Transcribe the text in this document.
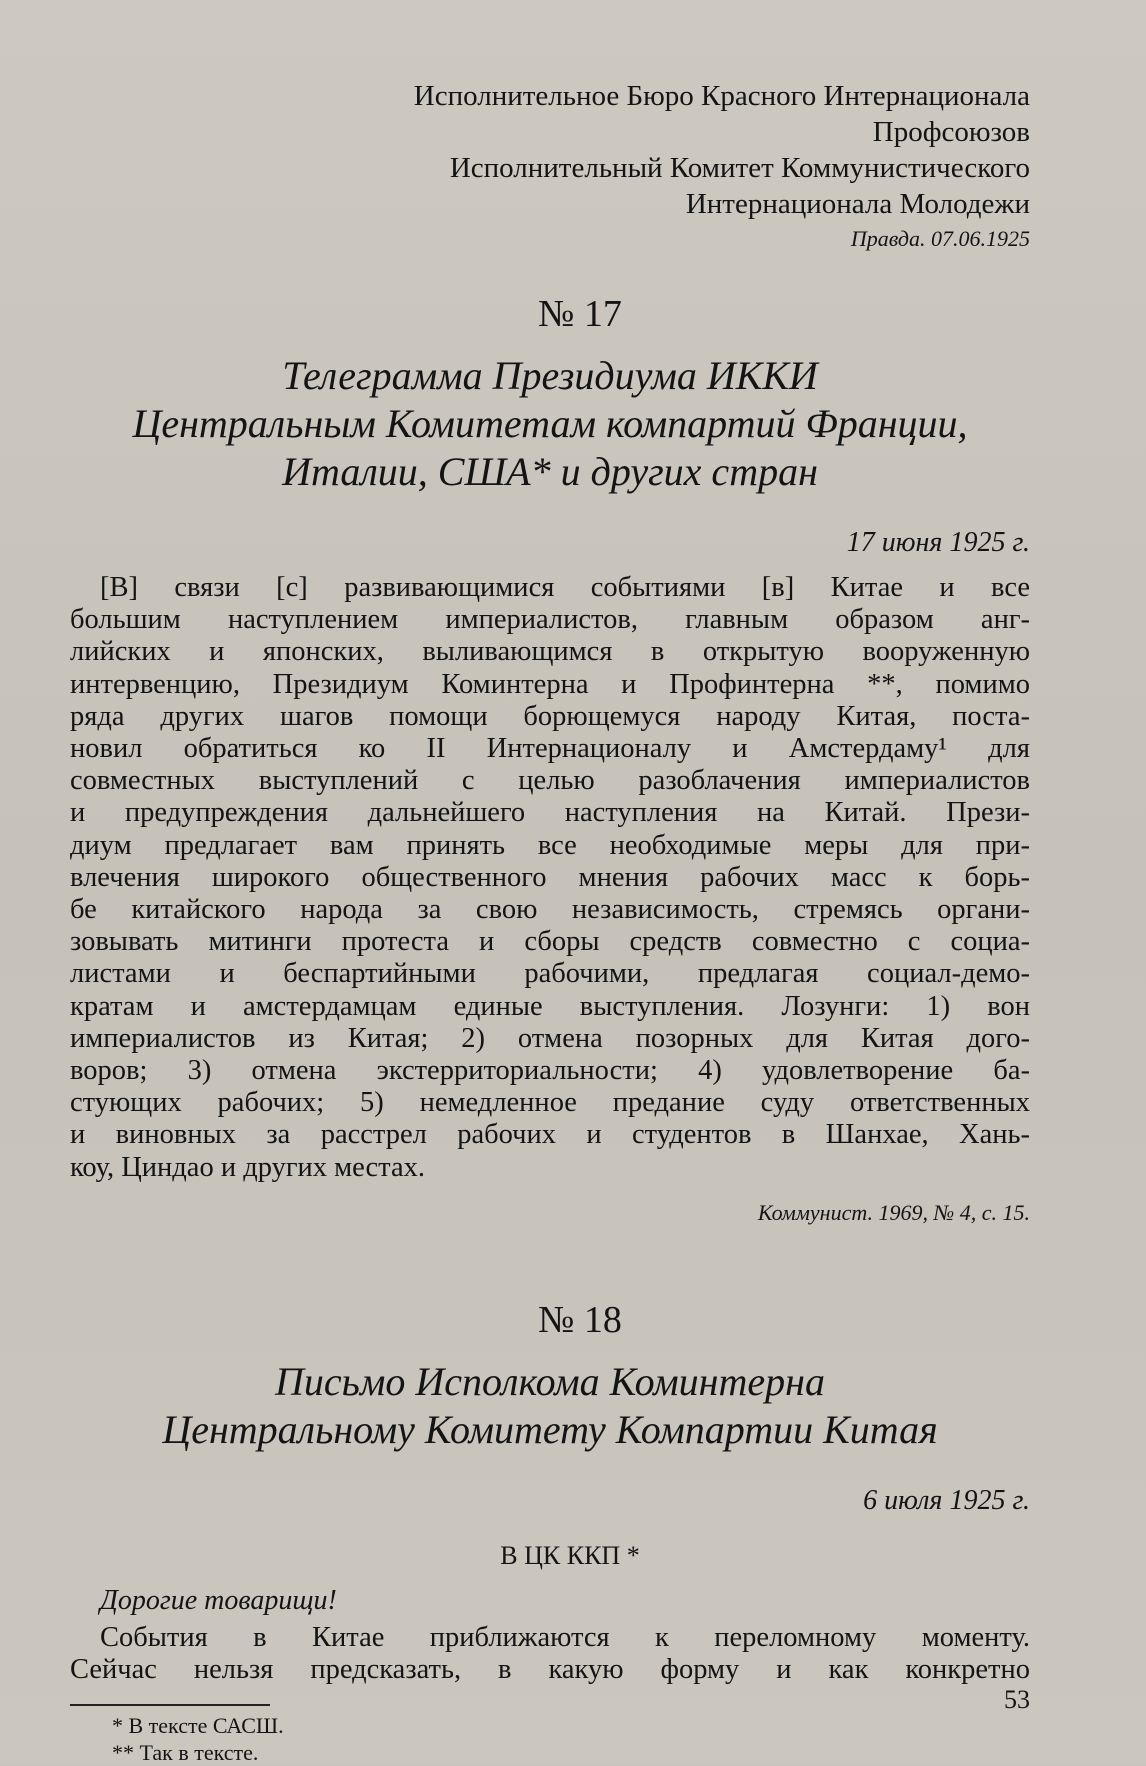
Исполнительное Бюро Красного Интернационала
Профсоюзов
Исполнительный Комитет Коммунистического
Интернационала Молодежи
Правда. 07.06.1925
№ 17
Телеграмма Президиума ИККИ
Центральным Комитетам компартий Франции,
Италии, США* и других стран
17 июня 1925 г.
[В] связи [с] развивающимися событиями [в] Китае и все
большим наступлением империалистов, главным образом анг-
лийских и японских, выливающимся в открытую вооруженную
интервенцию, Президиум Коминтерна и Профинтерна **, помимо
ряда других шагов помощи борющемуся народу Китая, поста-
новил обратиться ко II Интернационалу и Амстердаму¹ для
совместных выступлений с целью разоблачения империалистов
и предупреждения дальнейшего наступления на Китай. Прези-
диум предлагает вам принять все необходимые меры для при-
влечения широкого общественного мнения рабочих масс к борь-
бе китайского народа за свою независимость, стремясь органи-
зовывать митинги протеста и сборы средств совместно с социа-
листами и беспартийными рабочими, предлагая социал-демо-
кратам и амстердамцам единые выступления. Лозунги: 1) вон
империалистов из Китая; 2) отмена позорных для Китая дого-
воров; 3) отмена экстерриториальности; 4) удовлетворение ба-
стующих рабочих; 5) немедленное предание суду ответственных
и виновных за расстрел рабочих и студентов в Шанхае, Хань-
коу, Циндао и других местах.
Коммунист. 1969, № 4, с. 15.
№ 18
Письмо Исполкома Коминтерна
Центральному Комитету Компартии Китая
6 июля 1925 г.
В ЦК ККП *
Дорогие товарищи!
События в Китае приближаются к переломному моменту.
Сейчас нельзя предсказать, в какую форму и как конкретно
* В тексте САСШ.
** Так в тексте.
53
